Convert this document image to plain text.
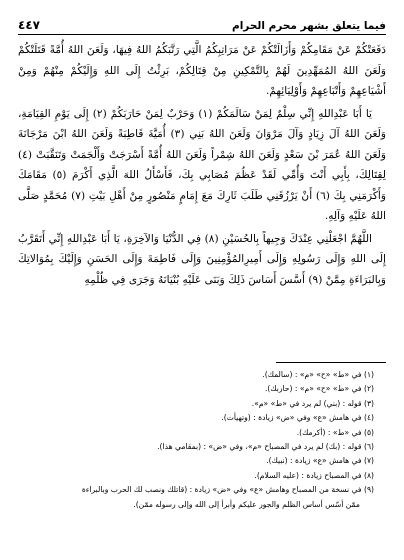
فيما يتعلق بشهر محرم الحرام
٤٤٧

دَفَعَتْكُمْ عَنْ مَقَامِكُمْ وَأَزَالَتْكُمْ عَنْ مَرَاتِبِكُمُ الَّتِي رَتَّبَكُمُ اللهُ فِيهَا، وَلَعَنَ اللهُ أُمَّةً قَتَلَتْكُمْ وَلَعَنَ اللهُ المُمَهِّدِينَ لَهُمْ بِالتَّمْكِينِ مِنْ قِتَالِكُمْ، بَرِئْتُ إِلَى اللهِ وَإِلَيْكُمْ مِنْهُمْ وَمِنْ أَشْيَاعِهِمْ وَأَتْبَاعِهِمْ وَأَوْلِيَائِهِمْ.

يَا أَبَا عَبْدِاللهِ إِنِّي سِلْمٌ لِمَنْ سَالَمَكُمْ (١) وَحَرْبٌ لِمَنْ حَارَبَكُمْ (٢) إِلَى يَوْمِ القِيَامَةِ، وَلَعَنَ اللهُ آلَ زِيَادٍ وَآلَ مَرْوَانَ وَلَعَنَ اللهُ بَنِي (٣) أُمَيَّةَ قَاطِبَةً وَلَعَنَ اللهُ ابْنَ مَرْجَانَةَ وَلَعَنَ اللهُ عُمَرَ بْنَ سَعْدٍ وَلَعَنَ اللهُ شِمْراً وَلَعَنَ اللهُ أُمَّةً أَسْرَجَتْ وَأَلْجَمَتْ وَتَنَقَّبَتْ (٤) لِقِتَالِكَ، بِأَبِي أَنْتَ وَأُمِّي لَقَدْ عَظُمَ مُصَابِي بِكَ، فَأَسْأَلُ اللهَ الَّذِي أَكْرَمَ (٥) مَقَامَكَ وَأَكْرَمَنِي بِكَ (٦) أَنْ يَرْزُقَنِي طَلَبَ ثَارِكَ مَعَ إِمَامٍ مَنْصُورٍ مِنْ أَهْلِ بَيْتِ (٧) مُحَمَّدٍ صَلَّى اللهُ عَلَيْهِ وَآلِهِ.

اللَّهُمَّ اجْعَلْنِي عِنْدَكَ وَجِيهاً بِالحُسَيْنِ (٨) فِي الدُّنْيَا وَالآخِرَةِ، يَا أَبَا عَبْدِاللهِ إِنِّي أَتَقَرَّبُ إِلَى اللهِ وَإِلَى رَسُولِهِ وَإِلَى أَمِيرِالمُؤْمِنِينَ وَإِلَى فَاطِمَةَ وَإِلَى الحَسَنِ وَإِلَيْكَ بِمُوَالاتِكَ وَبِالبَرَاءَةِ مِمَّنْ (٩) أَسَّسَ أَسَاسَ ذَلِكَ وَبَنَى عَلَيْهِ بُنْيَانَهُ وَجَرَى فِي ظُلْمِهِ

(١) في «ط» «ح» «م» : (سالمك).

(٢) في «ط» «ح» «م» : (حاربك).

(٣) قوله : (بني) لم يرد في «ط» «م».

(٤) في هامش «ع» وفي «ض» زيادة : (وتهيأت).

(٥) في «ط» : (أكرمك).

(٦) قوله : (بك) لم يرد في المصباح «م»، وفي «ض» : (بمقامي هذا).

(٧) في هامش «ع» زيادة : (نبيك).

(٨) في المصباح زيادة : (عليه السلام).

(٩) في نسخة من المصباح وهامش «ع» وفي «ض» زيادة : (قاتلك ونصب لك الحرب وبالبراءة

ممّن أسّس أساس الظلم والجور عليكم وأبرأ إلى الله وإلى رسوله ممّن).
